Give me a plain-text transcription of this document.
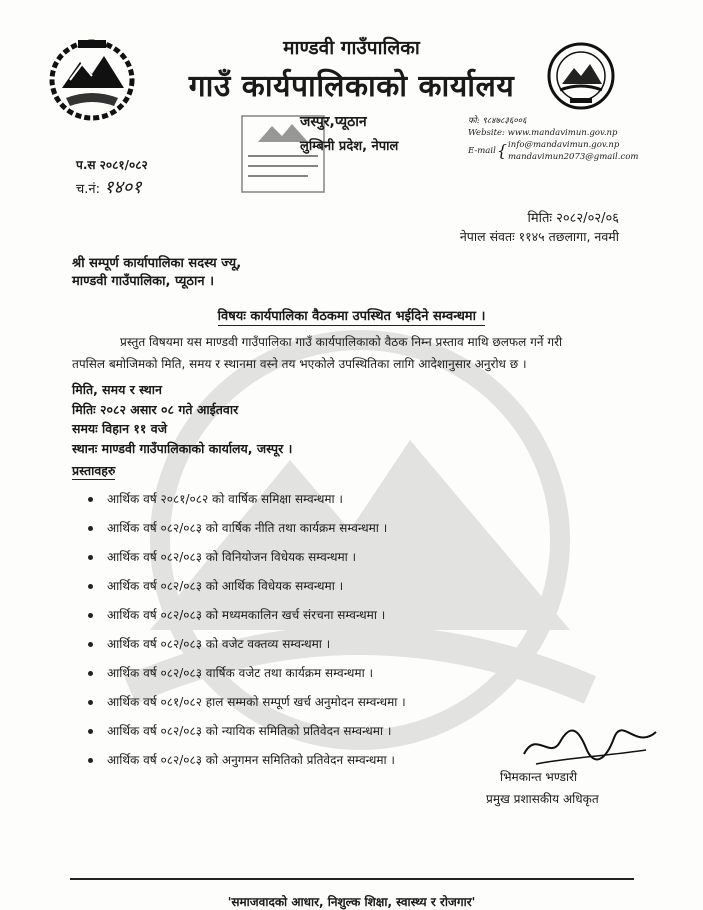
माण्डवी गाउँपालिका
गाउँ कार्यपालिकाको कार्यालय
जस्पुर,प्यूठान
लुम्बिनी प्रदेश, नेपाल
फो: ९८४७८३६००६
Website: www.mandavimun.gov.np
E-mail { info@mandavimun.gov.np
mandavimun2073@gmail.com
प.स २०८१/०८२
च.नं: १४०१
मितिः २०८२/०२/०६
नेपाल संवतः ११४५ तछलागा, नवमी
श्री सम्पूर्ण कार्यापालिका सदस्य ज्यू,
माण्डवी गाउँपालिका, प्यूठान ।
विषयः कार्यपालिका वैठकमा उपस्थित भईदिने सम्वन्धमा ।
प्रस्तुत विषयमा यस माण्डवी गाउँपालिका गाउँ कार्यपालिकाको वैठक निम्न प्रस्ताव माथि छलफल गर्ने गरी
तपसिल बमोजिमको मिति, समय र स्थानमा वस्ने तय भएकोले उपस्थितिका लागि आदेशानुसार अनुरोध छ ।
मिति, समय र स्थान
मितिः २०८२ असार ०८ गते आईतवार
समयः विहान ११ वजे
स्थानः माण्डवी गाउँपालिकाको कार्यालय, जस्पूर ।
प्रस्तावहरु
आर्थिक वर्ष २०८१/०८२ को वार्षिक समिक्षा सम्वन्धमा ।
आर्थिक वर्ष ०८२/०८३ को वार्षिक नीति तथा कार्यक्रम सम्वन्धमा ।
आर्थिक वर्ष ०८२/०८३ को विनियोजन विधेयक सम्वन्धमा ।
आर्थिक वर्ष ०८२/०८३ को आर्थिक विधेयक सम्वन्धमा ।
आर्थिक वर्ष ०८२/०८३ को मध्यमकालिन खर्च संरचना सम्वन्धमा ।
आर्थिक वर्ष ०८२/०८३ को वजेट वक्तव्य सम्वन्धमा ।
आर्थिक वर्ष ०८२/०८३ वार्षिक वजेट तथा कार्यक्रम सम्वन्धमा ।
आर्थिक वर्ष ०८१/०८२ हाल सम्मको सम्पूर्ण खर्च अनुमोदन सम्वन्धमा ।
आर्थिक वर्ष ०८२/०८३ को न्यायिक समितिको प्रतिवेदन सम्वन्धमा ।
आर्थिक वर्ष ०८२/०८३ को अनुगमन समितिको प्रतिवेदन सम्वन्धमा ।
भिमकान्त भण्डारी
प्रमुख प्रशासकीय अधिकृत
'समाजवादको आधार, निशुल्क शिक्षा, स्वास्थ्य र रोजगार'
